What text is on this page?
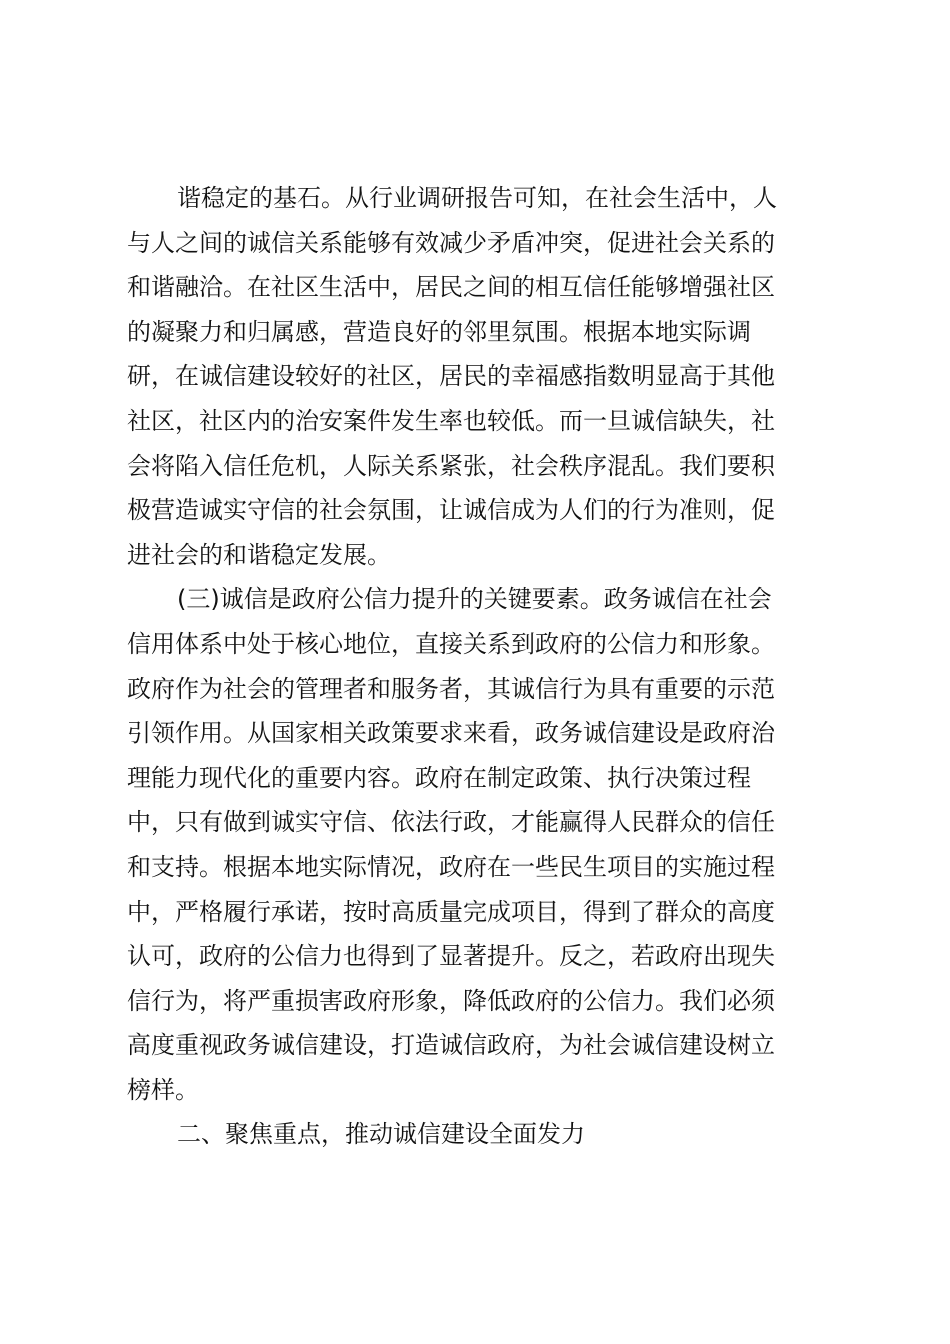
谐稳定的基石。从行业调研报告可知，在社会生活中，人
与人之间的诚信关系能够有效减少矛盾冲突，促进社会关系的
和谐融洽。在社区生活中，居民之间的相互信任能够增强社区
的凝聚力和归属感，营造良好的邻里氛围。根据本地实际调
研，在诚信建设较好的社区，居民的幸福感指数明显高于其他
社区，社区内的治安案件发生率也较低。而一旦诚信缺失，社
会将陷入信任危机，人际关系紧张，社会秩序混乱。我们要积
极营造诚实守信的社会氛围，让诚信成为人们的行为准则，促
进社会的和谐稳定发展。
(三)诚信是政府公信力提升的关键要素。政务诚信在社会
信用体系中处于核心地位，直接关系到政府的公信力和形象。
政府作为社会的管理者和服务者，其诚信行为具有重要的示范
引领作用。从国家相关政策要求来看，政务诚信建设是政府治
理能力现代化的重要内容。政府在制定政策、执行决策过程
中，只有做到诚实守信、依法行政，才能赢得人民群众的信任
和支持。根据本地实际情况，政府在一些民生项目的实施过程
中，严格履行承诺，按时高质量完成项目，得到了群众的高度
认可，政府的公信力也得到了显著提升。反之，若政府出现失
信行为，将严重损害政府形象，降低政府的公信力。我们必须
高度重视政务诚信建设，打造诚信政府，为社会诚信建设树立
榜样。
二、聚焦重点，推动诚信建设全面发力
